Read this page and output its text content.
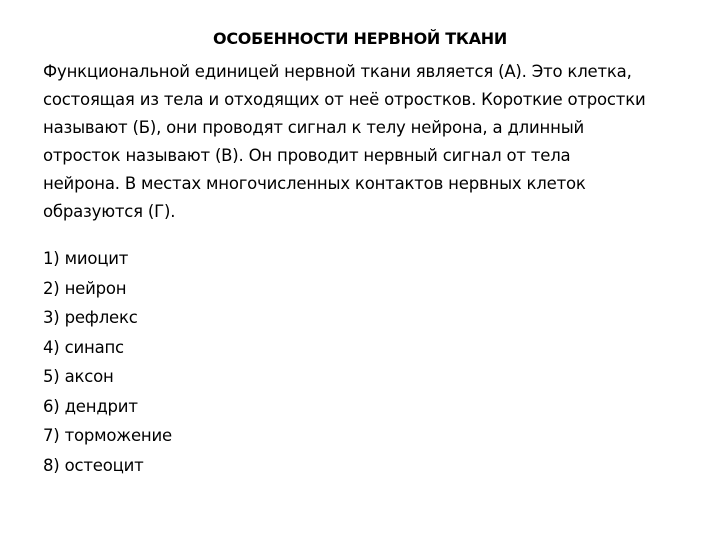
ОСОБЕННОСТИ НЕРВНОЙ ТКАНИ
Функциональной единицей нервной ткани является (А). Это клетка,
состоящая из тела и отходящих от неё отростков. Короткие отростки
называют (Б), они проводят сигнал к телу нейрона, а длинный
отросток называют (В). Он проводит нервный сигнал от тела
нейрона. В местах многочисленных контактов нервных клеток
образуются (Г).
1) миоцит
2) нейрон
3) рефлекс
4) синапс
5) аксон
6) дендрит
7) торможение
8) остеоцит
